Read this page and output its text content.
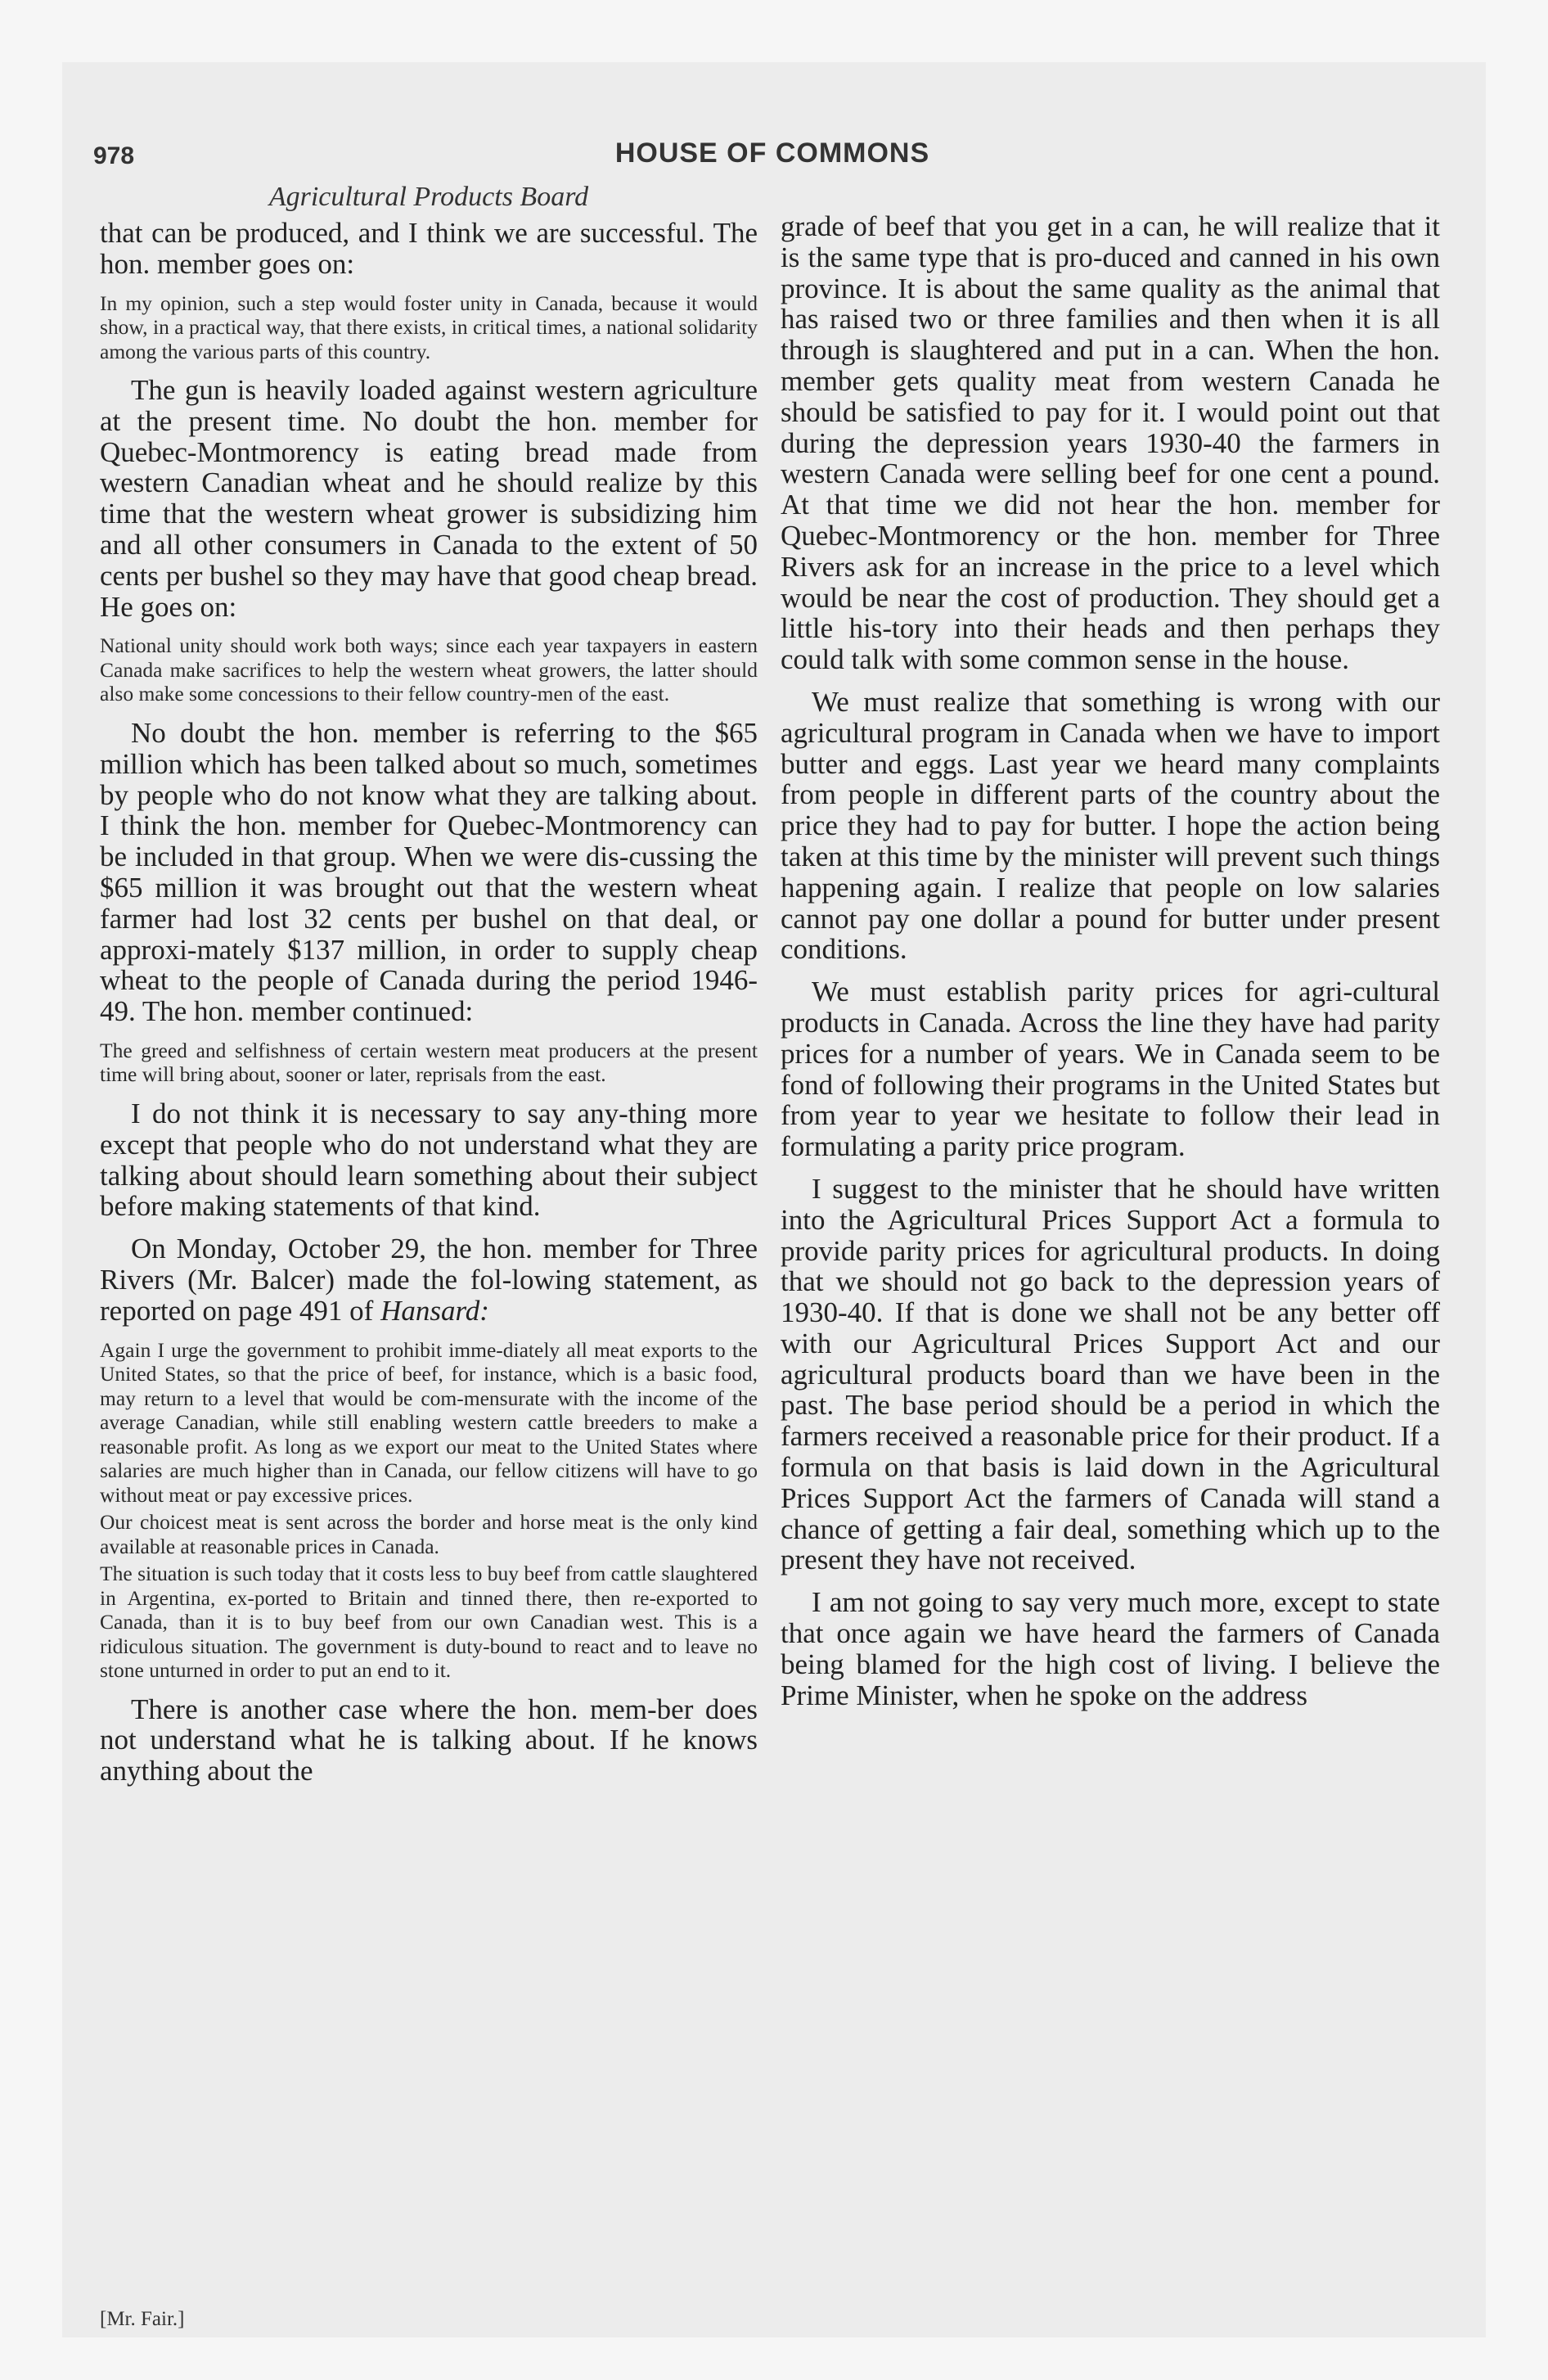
978	HOUSE OF COMMONS
Agricultural Products Board

that can be produced, and I think we are successful. The hon. member goes on:

In my opinion, such a step would foster unity in Canada, because it would show, in a practical way, that there exists, in critical times, a national solidarity among the various parts of this country.

The gun is heavily loaded against western agriculture at the present time. No doubt the hon. member for Quebec-Montmorency is eating bread made from western Canadian wheat and he should realize by this time that the western wheat grower is subsidizing him and all other consumers in Canada to the extent of 50 cents per bushel so they may have that good cheap bread. He goes on:

National unity should work both ways; since each year taxpayers in eastern Canada make sacrifices to help the western wheat growers, the latter should also make some concessions to their fellow country-men of the east.

No doubt the hon. member is referring to the $65 million which has been talked about so much, sometimes by people who do not know what they are talking about. I think the hon. member for Quebec-Montmorency can be included in that group. When we were dis-cussing the $65 million it was brought out that the western wheat farmer had lost 32 cents per bushel on that deal, or approxi-mately $137 million, in order to supply cheap wheat to the people of Canada during the period 1946-49. The hon. member continued:

The greed and selfishness of certain western meat producers at the present time will bring about, sooner or later, reprisals from the east.

I do not think it is necessary to say any-thing more except that people who do not understand what they are talking about should learn something about their subject before making statements of that kind.

On Monday, October 29, the hon. member for Three Rivers (Mr. Balcer) made the fol-lowing statement, as reported on page 491 of Hansard:

Again I urge the government to prohibit imme-diately all meat exports to the United States, so that the price of beef, for instance, which is a basic food, may return to a level that would be com-mensurate with the income of the average Canadian, while still enabling western cattle breeders to make a reasonable profit. As long as we export our meat to the United States where salaries are much higher than in Canada, our fellow citizens will have to go without meat or pay excessive prices.

Our choicest meat is sent across the border and horse meat is the only kind available at reasonable prices in Canada.

The situation is such today that it costs less to buy beef from cattle slaughtered in Argentina, ex-ported to Britain and tinned there, then re-exported to Canada, than it is to buy beef from our own Canadian west. This is a ridiculous situation. The government is duty-bound to react and to leave no stone unturned in order to put an end to it.

There is another case where the hon. mem-ber does not understand what he is talking about. If he knows anything about the

grade of beef that you get in a can, he will realize that it is the same type that is pro-duced and canned in his own province. It is about the same quality as the animal that has raised two or three families and then when it is all through is slaughtered and put in a can. When the hon. member gets quality meat from western Canada he should be satisfied to pay for it. I would point out that during the depression years 1930-40 the farmers in western Canada were selling beef for one cent a pound. At that time we did not hear the hon. member for Quebec-Montmorency or the hon. member for Three Rivers ask for an increase in the price to a level which would be near the cost of production. They should get a little his-tory into their heads and then perhaps they could talk with some common sense in the house.

We must realize that something is wrong with our agricultural program in Canada when we have to import butter and eggs. Last year we heard many complaints from people in different parts of the country about the price they had to pay for butter. I hope the action being taken at this time by the minister will prevent such things happening again. I realize that people on low salaries cannot pay one dollar a pound for butter under present conditions.

We must establish parity prices for agri-cultural products in Canada. Across the line they have had parity prices for a number of years. We in Canada seem to be fond of following their programs in the United States but from year to year we hesitate to follow their lead in formulating a parity price program.

I suggest to the minister that he should have written into the Agricultural Prices Support Act a formula to provide parity prices for agricultural products. In doing that we should not go back to the depression years of 1930-40. If that is done we shall not be any better off with our Agricultural Prices Support Act and our agricultural products board than we have been in the past. The base period should be a period in which the farmers received a reasonable price for their product. If a formula on that basis is laid down in the Agricultural Prices Support Act the farmers of Canada will stand a chance of getting a fair deal, something which up to the present they have not received.

I am not going to say very much more, except to state that once again we have heard the farmers of Canada being blamed for the high cost of living. I believe the Prime Minister, when he spoke on the address

[Mr. Fair.]
